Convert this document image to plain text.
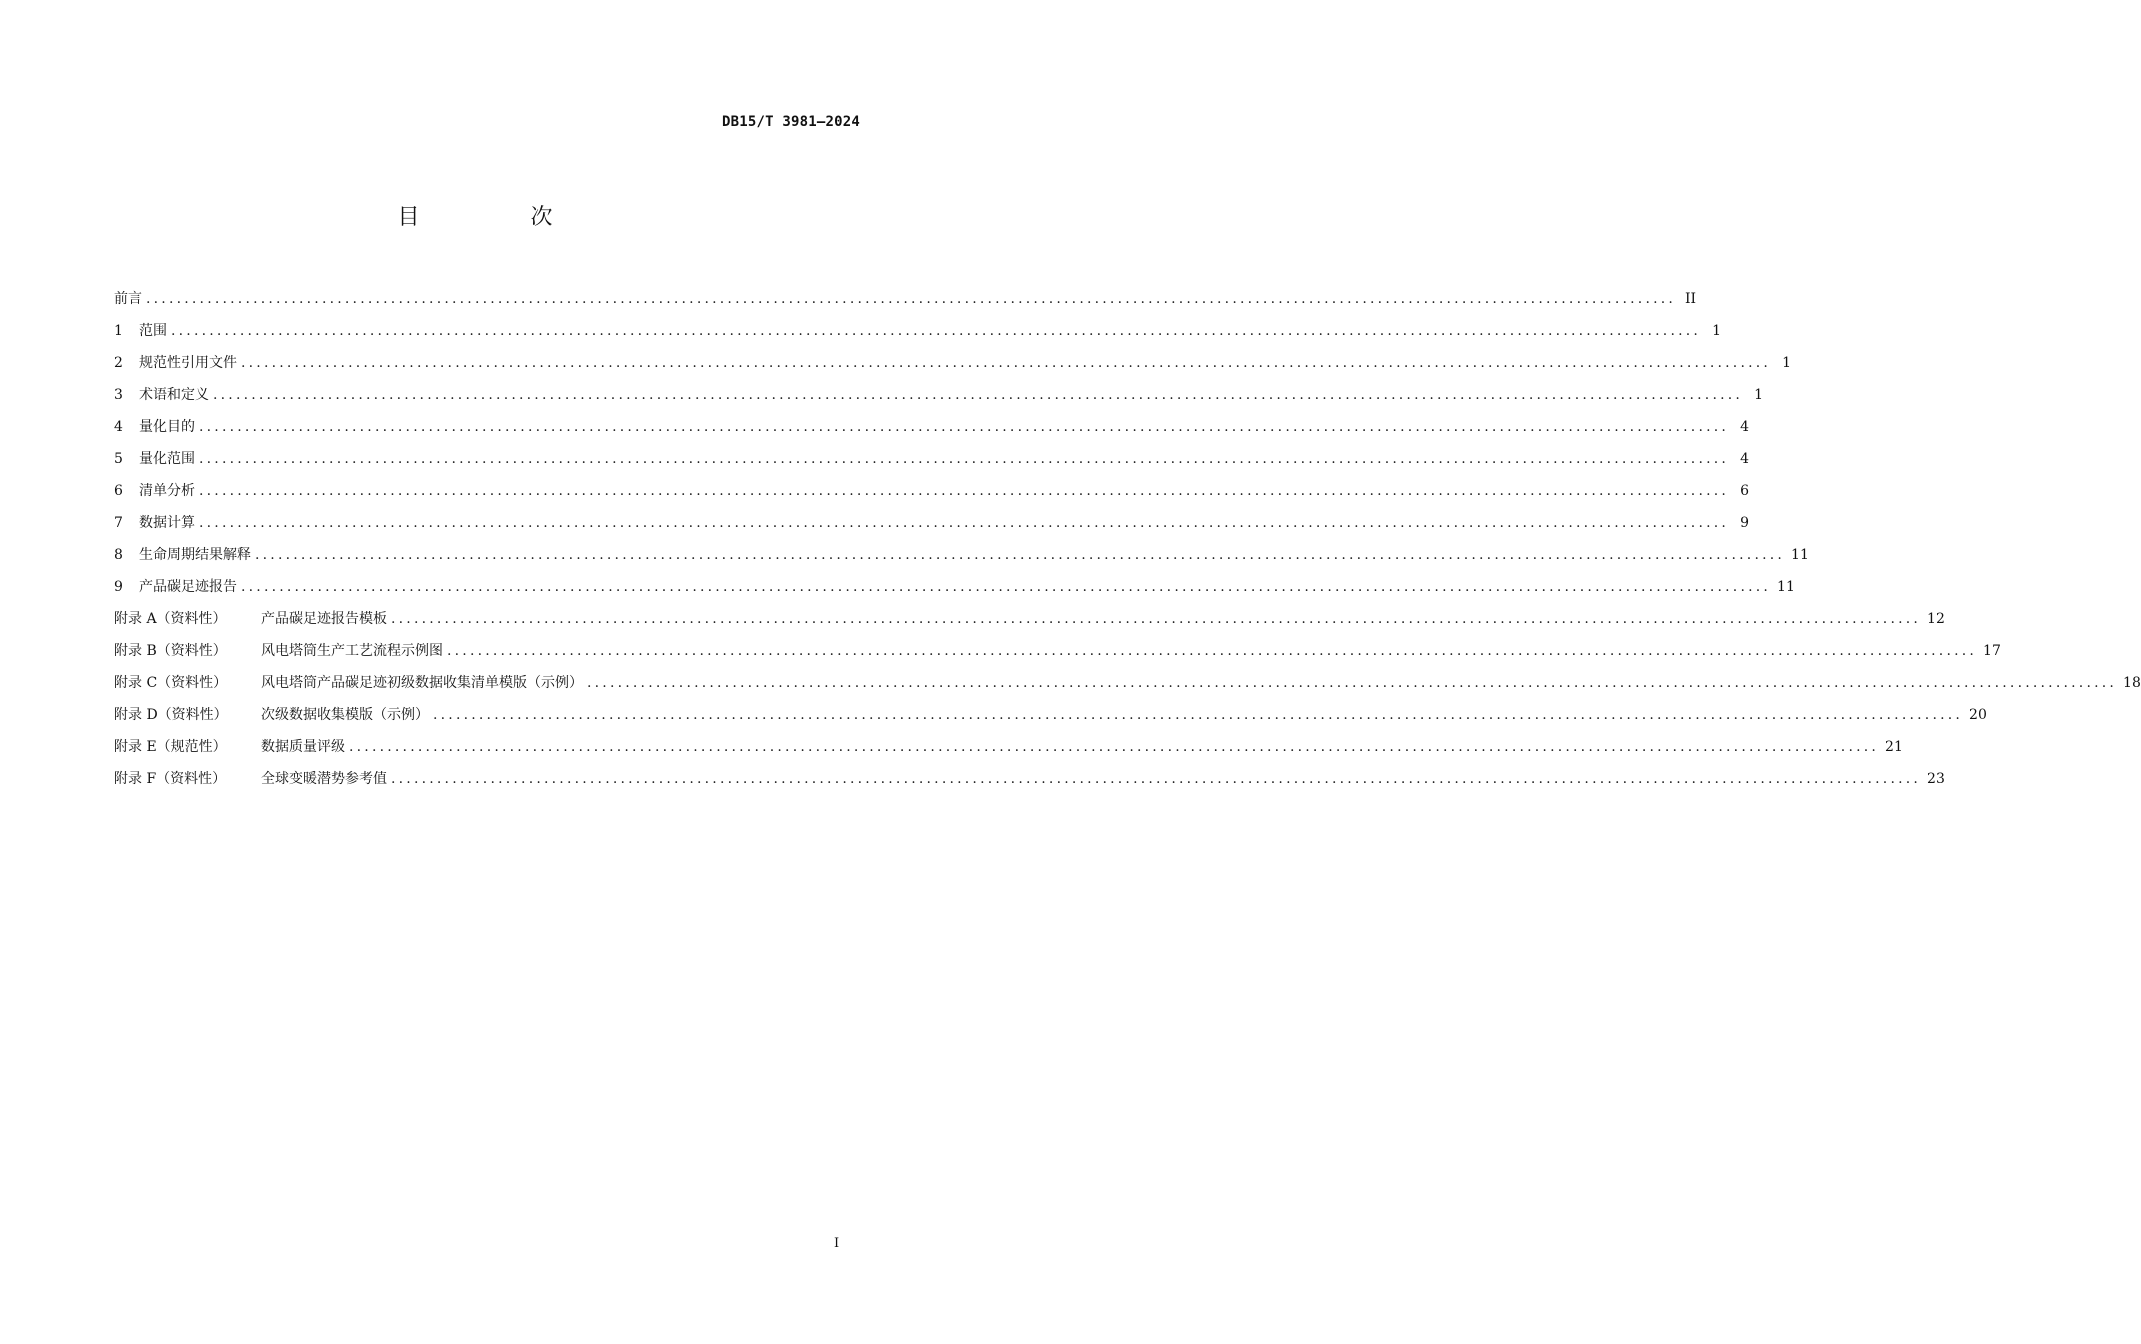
DB15/T 3981—2024
目 次
前言 ........................................................................................................................................................................................................ II
1	范围 ........................................................................................................................................................................................................ 1
2	规范性引用文件 ........................................................................................................................................................................................................ 1
3	术语和定义 ........................................................................................................................................................................................................ 1
4	量化目的 ........................................................................................................................................................................................................ 4
5	量化范围 ........................................................................................................................................................................................................ 4
6	清单分析 ........................................................................................................................................................................................................ 6
7	数据计算 ........................................................................................................................................................................................................ 9
8	生命周期结果解释 ........................................................................................................................................................................................................ 11
9	产品碳足迹报告 ........................................................................................................................................................................................................ 11
附录 A（资料性）	产品碳足迹报告模板 ........................................................................................................................................................................................................ 12
附录 B（资料性）	风电塔筒生产工艺流程示例图 ........................................................................................................................................................................................................ 17
附录 C（资料性）	风电塔筒产品碳足迹初级数据收集清单模版（示例） ........................................................................................................................................................................................................ 18
附录 D（资料性）	次级数据收集模版（示例） ........................................................................................................................................................................................................ 20
附录 E（规范性）	数据质量评级 ........................................................................................................................................................................................................ 21
附录 F（资料性）	全球变暖潜势参考值 ........................................................................................................................................................................................................ 23
I
